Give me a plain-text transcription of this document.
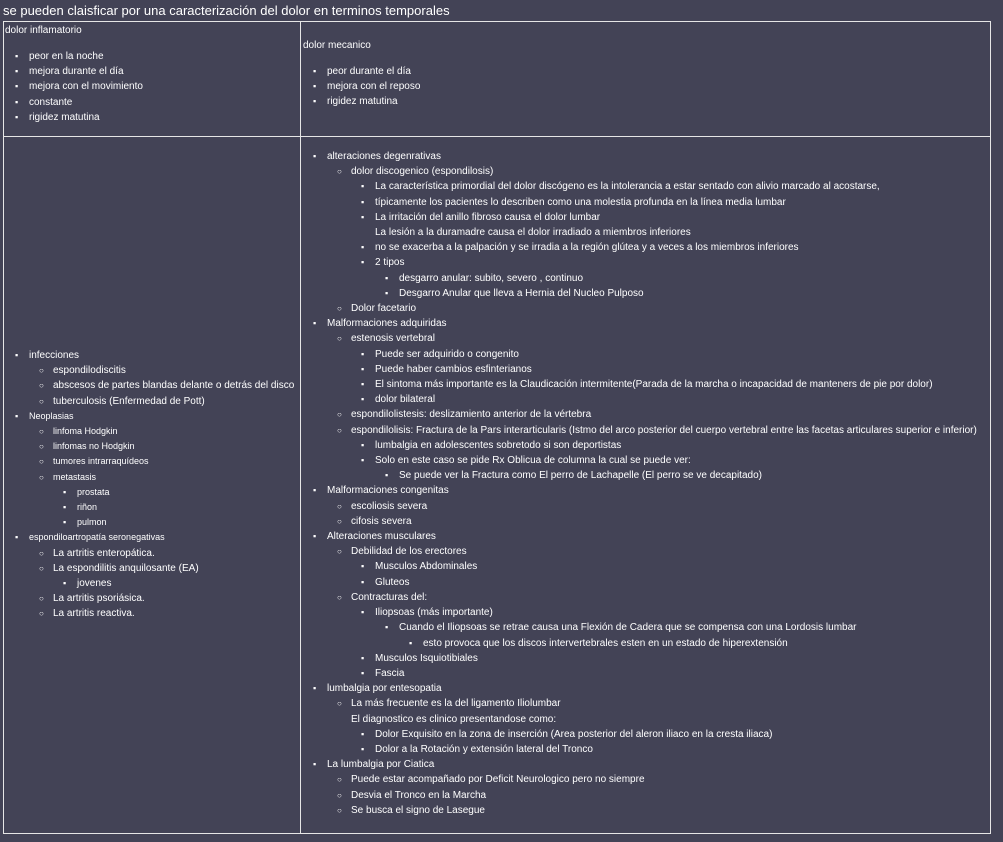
se pueden claisficar por una caracterización del dolor en terminos temporales
dolor inflamatorio
▪ peor en la noche
▪ mejora durante el día
▪ mejora con el movimiento
▪ constante
▪ rigidez matutina
dolor mecanico
▪ peor durante el día
▪ mejora con el reposo
▪ rigidez matutina
▪ infecciones
○ espondilodiscitis
○ abscesos de partes blandas delante o detrás del disco
○ tuberculosis (Enfermedad de Pott)
▪ Neoplasias
○ linfoma Hodgkin
○ linfomas no Hodgkin
○ tumores intrarraquídeos
○ metastasis
▪ prostata
▪ riñon
▪ pulmon
▪ espondiloartropatía seronegativas
○ La artritis enteropática.
○ La espondilitis anquilosante (EA)
▪ jovenes
○ La artritis psoriásica.
○ La artritis reactiva.
▪ alteraciones degenrativas
○ dolor discogenico (espondilosis)
▪ La característica primordial del dolor discógeno es la intolerancia a estar sentado con alivio marcado al acostarse,
▪ típicamente los pacientes lo describen como una molestia profunda en la línea media lumbar
▪ La irritación del anillo fibroso causa el dolor lumbar
La lesión a la duramadre causa el dolor irradiado a miembros inferiores
▪ no se exacerba a la palpación y se irradia a la región glútea y a veces a los miembros inferiores
▪ 2 tipos
▪ desgarro anular: subito, severo , continuo
▪ Desgarro Anular que lleva a Hernia del Nucleo Pulposo
○ Dolor facetario
▪ Malformaciones adquiridas
○ estenosis vertebral
▪ Puede ser adquirido o congenito
▪ Puede haber cambios esfinterianos
▪ El sintoma más importante es la Claudicación intermitente(Parada de la marcha o incapacidad de manteners de pie por dolor)
▪ dolor bilateral
○ espondilolistesis: deslizamiento anterior de la vértebra
○ espondilolisis: Fractura de la Pars interarticularis (Istmo del arco posterior del cuerpo vertebral entre las facetas articulares superior e inferior)
▪ lumbalgia en adolescentes sobretodo si son deportistas
▪ Solo en este caso se pide Rx Oblicua de columna la cual se puede ver:
▪ Se puede ver la Fractura como El perro de Lachapelle (El perro se ve decapitado)
▪ Malformaciones congenitas
○ escoliosis severa
○ cifosis severa
▪ Alteraciones musculares
○ Debilidad de los erectores
▪ Musculos Abdominales
▪ Gluteos
○ Contracturas del:
▪ Iliopsoas (más importante)
▪ Cuando el Iliopsoas se retrae causa una Flexión de Cadera que se compensa con una Lordosis lumbar
▪ esto provoca que los discos intervertebrales esten en un estado de hiperextensión
▪ Musculos Isquiotibiales
▪ Fascia
▪ lumbalgia por entesopatia
○ La más frecuente es la del ligamento Iliolumbar
El diagnostico es clinico presentandose como:
▪ Dolor Exquisito en la zona de inserción (Area posterior del aleron iliaco en la cresta iliaca)
▪ Dolor a la Rotación y extensión lateral del Tronco
▪ La lumbalgia por Ciatica
○ Puede estar acompañado por Deficit Neurologico pero no siempre
○ Desvia el Tronco en la Marcha
○ Se busca el signo de Lasegue
